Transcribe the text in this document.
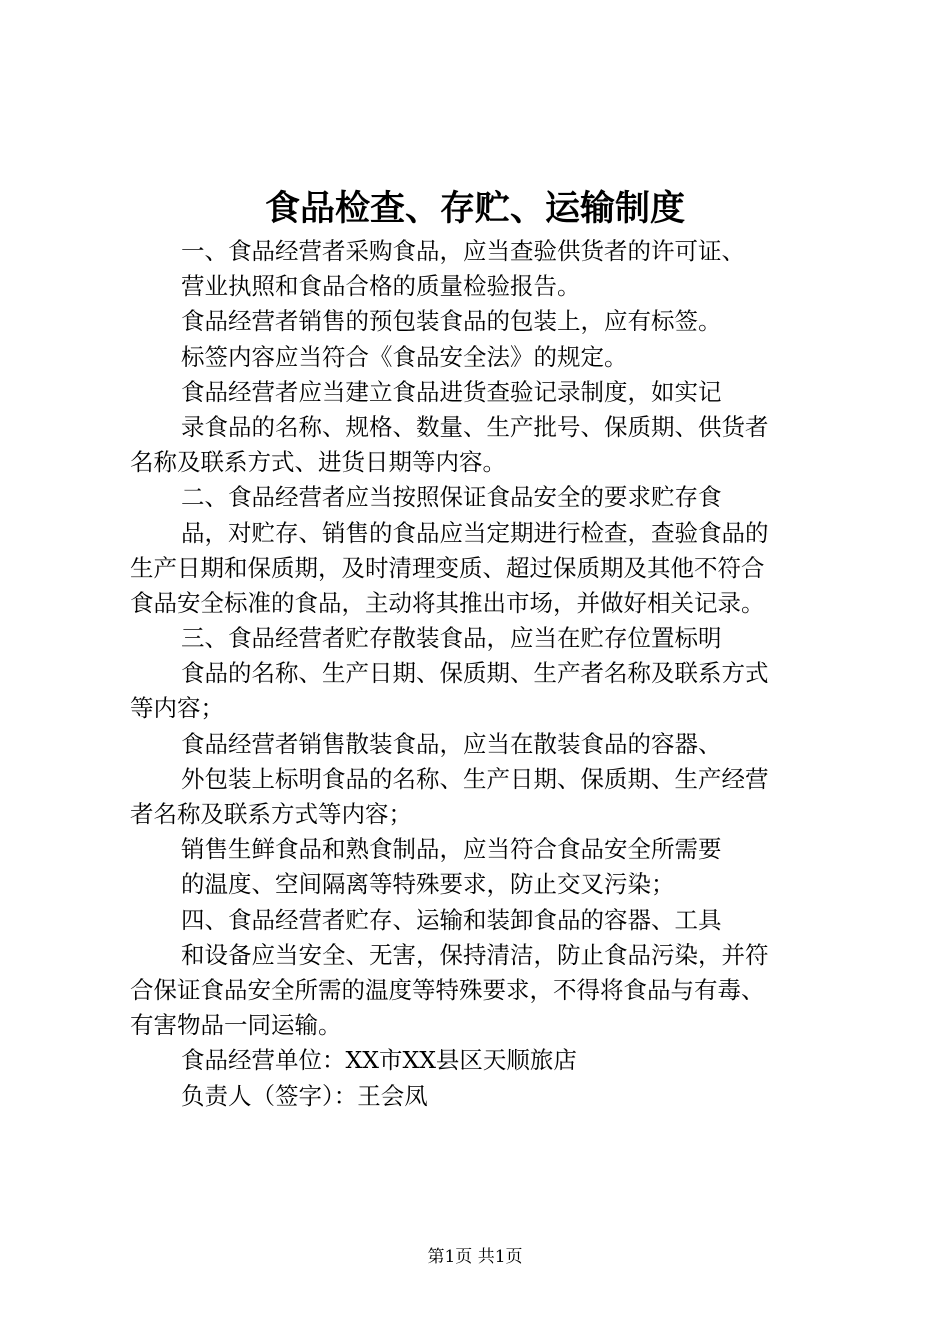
食品检查、存贮、运输制度
一、食品经营者采购食品，应当查验供货者的许可证、
营业执照和食品合格的质量检验报告。
食品经营者销售的预包装食品的包装上，应有标签。
标签内容应当符合《食品安全法》的规定。
食品经营者应当建立食品进货查验记录制度，如实记
录食品的名称、规格、数量、生产批号、保质期、供货者
名称及联系方式、进货日期等内容。
二、食品经营者应当按照保证食品安全的要求贮存食
品，对贮存、销售的食品应当定期进行检查，查验食品的
生产日期和保质期，及时清理变质、超过保质期及其他不符合
食品安全标准的食品，主动将其推出市场，并做好相关记录。
三、食品经营者贮存散装食品，应当在贮存位置标明
食品的名称、生产日期、保质期、生产者名称及联系方式
等内容；
食品经营者销售散装食品，应当在散装食品的容器、
外包装上标明食品的名称、生产日期、保质期、生产经营
者名称及联系方式等内容；
销售生鲜食品和熟食制品，应当符合食品安全所需要
的温度、空间隔离等特殊要求，防止交叉污染；
四、食品经营者贮存、运输和装卸食品的容器、工具
和设备应当安全、无害，保持清洁，防止食品污染，并符
合保证食品安全所需的温度等特殊要求，不得将食品与有毒、
有害物品一同运输。
食品经营单位：XX市XX县区天顺旅店
负责人（签字）：王会凤
第1页 共1页
